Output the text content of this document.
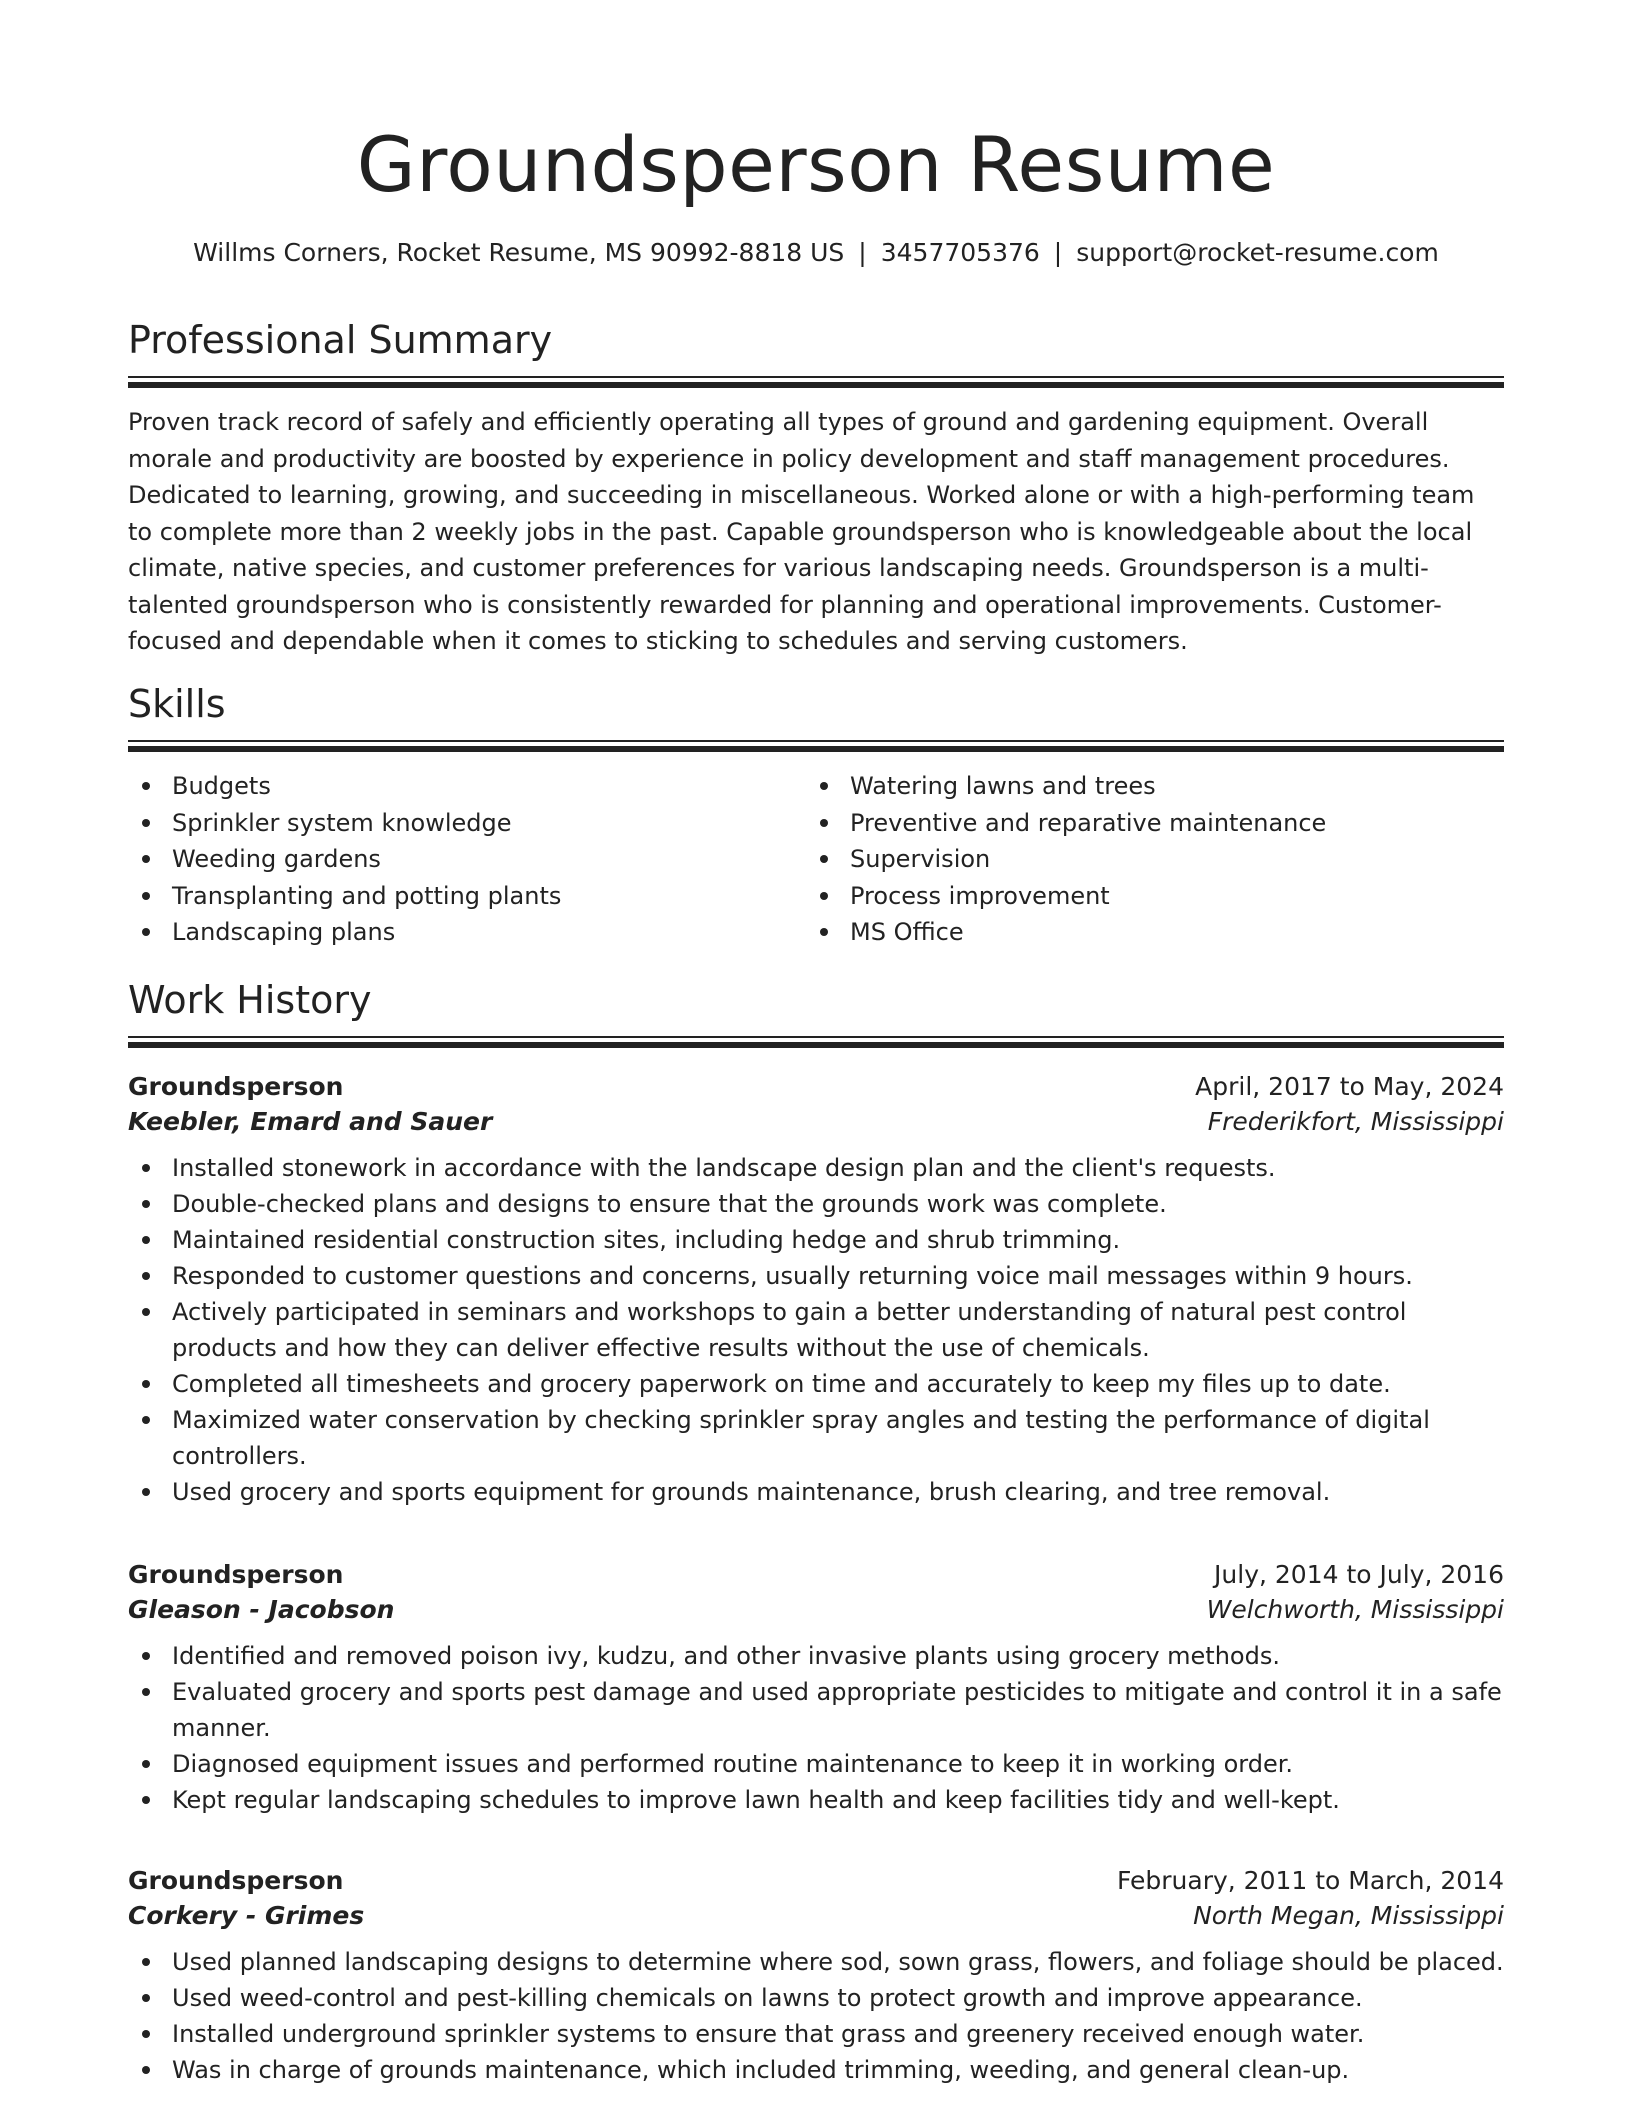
Groundsperson Resume
Willms Corners, Rocket Resume, MS 90992-8818 US | 3457705376 | support@rocket-resume.com
Professional Summary

Proven track record of safely and efficiently operating all types of ground and gardening equipment. Overall morale and productivity are boosted by experience in policy development and staff management procedures. Dedicated to learning, growing, and succeeding in miscellaneous. Worked alone or with a high-performing team to complete more than 2 weekly jobs in the past. Capable groundsperson who is knowledgeable about the local climate, native species, and customer preferences for various landscaping needs. Groundsperson is a multi-talented groundsperson who is consistently rewarded for planning and operational improvements. Customer-focused and dependable when it comes to sticking to schedules and serving customers.

Skills
Budgets
Sprinkler system knowledge
Weeding gardens
Transplanting and potting plants
Landscaping plans
Watering lawns and trees
Preventive and reparative maintenance
Supervision
Process improvement
MS Office
Work History
Groundsperson	April, 2017 to May, 2024
Keebler, Emard and Sauer	Frederikfort, Mississippi
Installed stonework in accordance with the landscape design plan and the client's requests.
Double-checked plans and designs to ensure that the grounds work was complete.
Maintained residential construction sites, including hedge and shrub trimming.
Responded to customer questions and concerns, usually returning voice mail messages within 9 hours.
Actively participated in seminars and workshops to gain a better understanding of natural pest control products and how they can deliver effective results without the use of chemicals.
Completed all timesheets and grocery paperwork on time and accurately to keep my files up to date.
Maximized water conservation by checking sprinkler spray angles and testing the performance of digital controllers.
Used grocery and sports equipment for grounds maintenance, brush clearing, and tree removal.
Groundsperson	July, 2014 to July, 2016
Gleason - Jacobson	Welchworth, Mississippi
Identified and removed poison ivy, kudzu, and other invasive plants using grocery methods.
Evaluated grocery and sports pest damage and used appropriate pesticides to mitigate and control it in a safe manner.
Diagnosed equipment issues and performed routine maintenance to keep it in working order.
Kept regular landscaping schedules to improve lawn health and keep facilities tidy and well-kept.
Groundsperson	February, 2011 to March, 2014
Corkery - Grimes	North Megan, Mississippi
Used planned landscaping designs to determine where sod, sown grass, flowers, and foliage should be placed.
Used weed-control and pest-killing chemicals on lawns to protect growth and improve appearance.
Installed underground sprinkler systems to ensure that grass and greenery received enough water.
Was in charge of grounds maintenance, which included trimming, weeding, and general clean-up.
